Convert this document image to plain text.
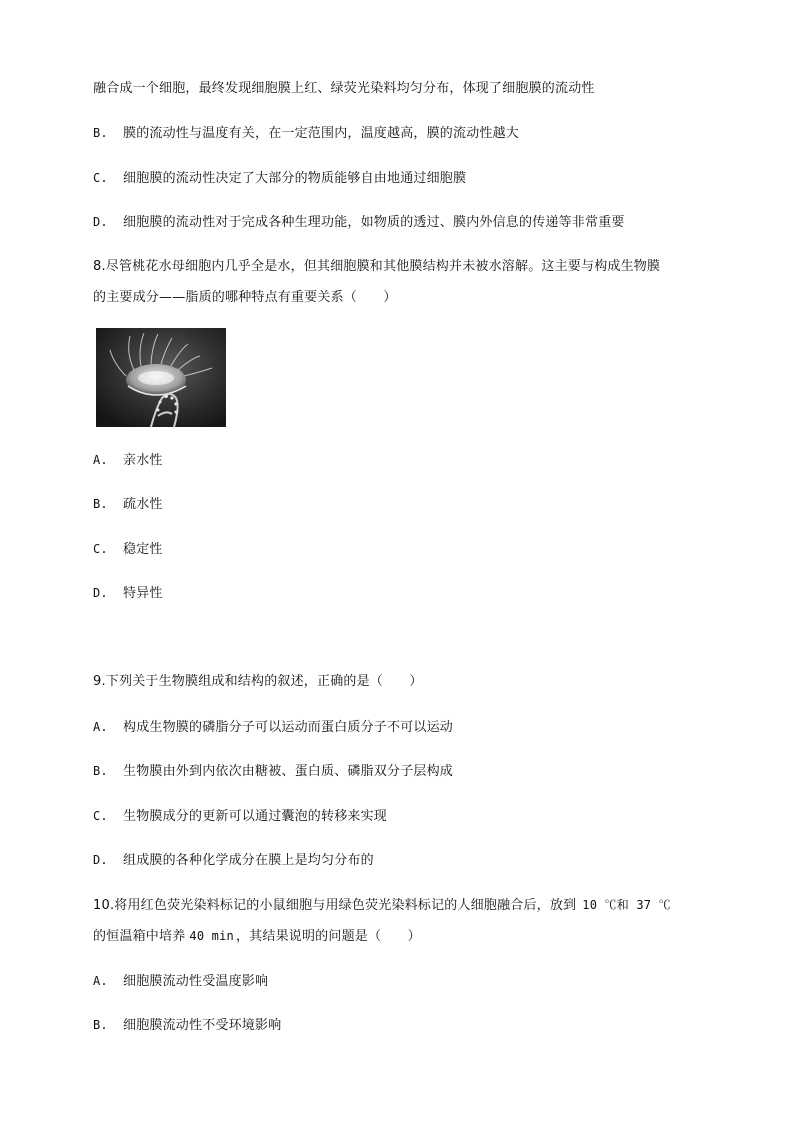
融合成一个细胞，最终发现细胞膜上红、绿荧光染料均匀分布，体现了细胞膜的流动性
B. 膜的流动性与温度有关，在一定范围内，温度越高，膜的流动性越大
C. 细胞膜的流动性决定了大部分的物质能够自由地通过细胞膜
D. 细胞膜的流动性对于完成各种生理功能，如物质的透过、膜内外信息的传递等非常重要
8.尽管桃花水母细胞内几乎全是水，但其细胞膜和其他膜结构并未被水溶解。这主要与构成生物膜
的主要成分——脂质的哪种特点有重要关系（　　）
A. 亲水性
B. 疏水性
C. 稳定性
D. 特异性
9.下列关于生物膜组成和结构的叙述，正确的是（　　）
A. 构成生物膜的磷脂分子可以运动而蛋白质分子不可以运动
B. 生物膜由外到内依次由糖被、蛋白质、磷脂双分子层构成
C. 生物膜成分的更新可以通过囊泡的转移来实现
D. 组成膜的各种化学成分在膜上是均匀分布的
10.将用红色荧光染料标记的小鼠细胞与用绿色荧光染料标记的人细胞融合后，放到 10 ℃和 37 ℃
的恒温箱中培养 40 min ，其结果说明的问题是（　　）
A. 细胞膜流动性受温度影响
B. 细胞膜流动性不受环境影响
